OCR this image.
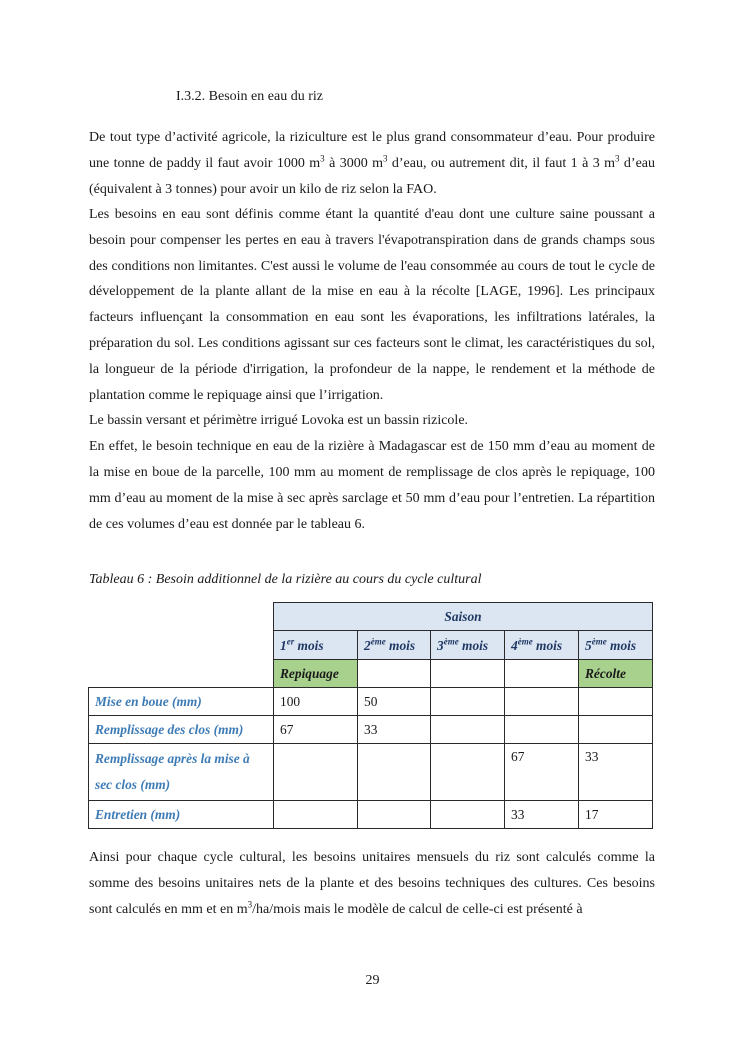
I.3.2. Besoin en eau du riz

De tout type d’activité agricole, la riziculture est le plus grand consommateur d’eau. Pour produire une tonne de paddy il faut avoir 1000 $m^3$ à 3000 $m^3$ d’eau, ou autrement dit, il faut 1 à 3 $m^3$ d’eau (équivalent à 3 tonnes) pour avoir un kilo de riz selon la FAO.

Les besoins en eau sont définis comme étant la quantité d'eau dont une culture saine poussant a besoin pour compenser les pertes en eau à travers l'évapotranspiration dans de grands champs sous des conditions non limitantes. C'est aussi le volume de l'eau consommée au cours de tout le cycle de développement de la plante allant de la mise en eau à la récolte [LAGE, 1996]. Les principaux facteurs influençant la consommation en eau sont les évaporations, les infiltrations latérales, la préparation du sol. Les conditions agissant sur ces facteurs sont le climat, les caractéristiques du sol, la longueur de la période d'irrigation, la profondeur de la nappe, le rendement et la méthode de plantation comme le repiquage ainsi que l’irrigation.
Le bassin versant et périmètre irrigué Lovoka est un bassin rizicole.
En effet, le besoin technique en eau de la rizière à Madagascar est de 150 mm d’eau au moment de la mise en boue de la parcelle, 100 mm au moment de remplissage de clos après le repiquage, 100 mm d’eau au moment de la mise à sec après sarclage et 50 mm d’eau pour l’entretien. La répartition de ces volumes d’eau est donnée par le tableau 6.

Tableau 6 : Besoin additionnel de la rizière au cours du cycle cultural
	Saison				
	1er mois	2ème mois	3ème mois	4ème mois	5ème mois
	Repiquage				Récolte
Mise en boue (mm)	100	50			
Remplissage des clos (mm)	67	33			
Remplissage après la mise à sec clos (mm)				67	33
Entretien (mm)				33	17

Ainsi pour chaque cycle cultural, les besoins unitaires mensuels du riz sont calculés comme la somme des besoins unitaires nets de la plante et des besoins techniques des cultures. Ces besoins sont calculés en mm et en $m^3/ha$/mois mais le modèle de calcul de celle-ci est présenté à

29
